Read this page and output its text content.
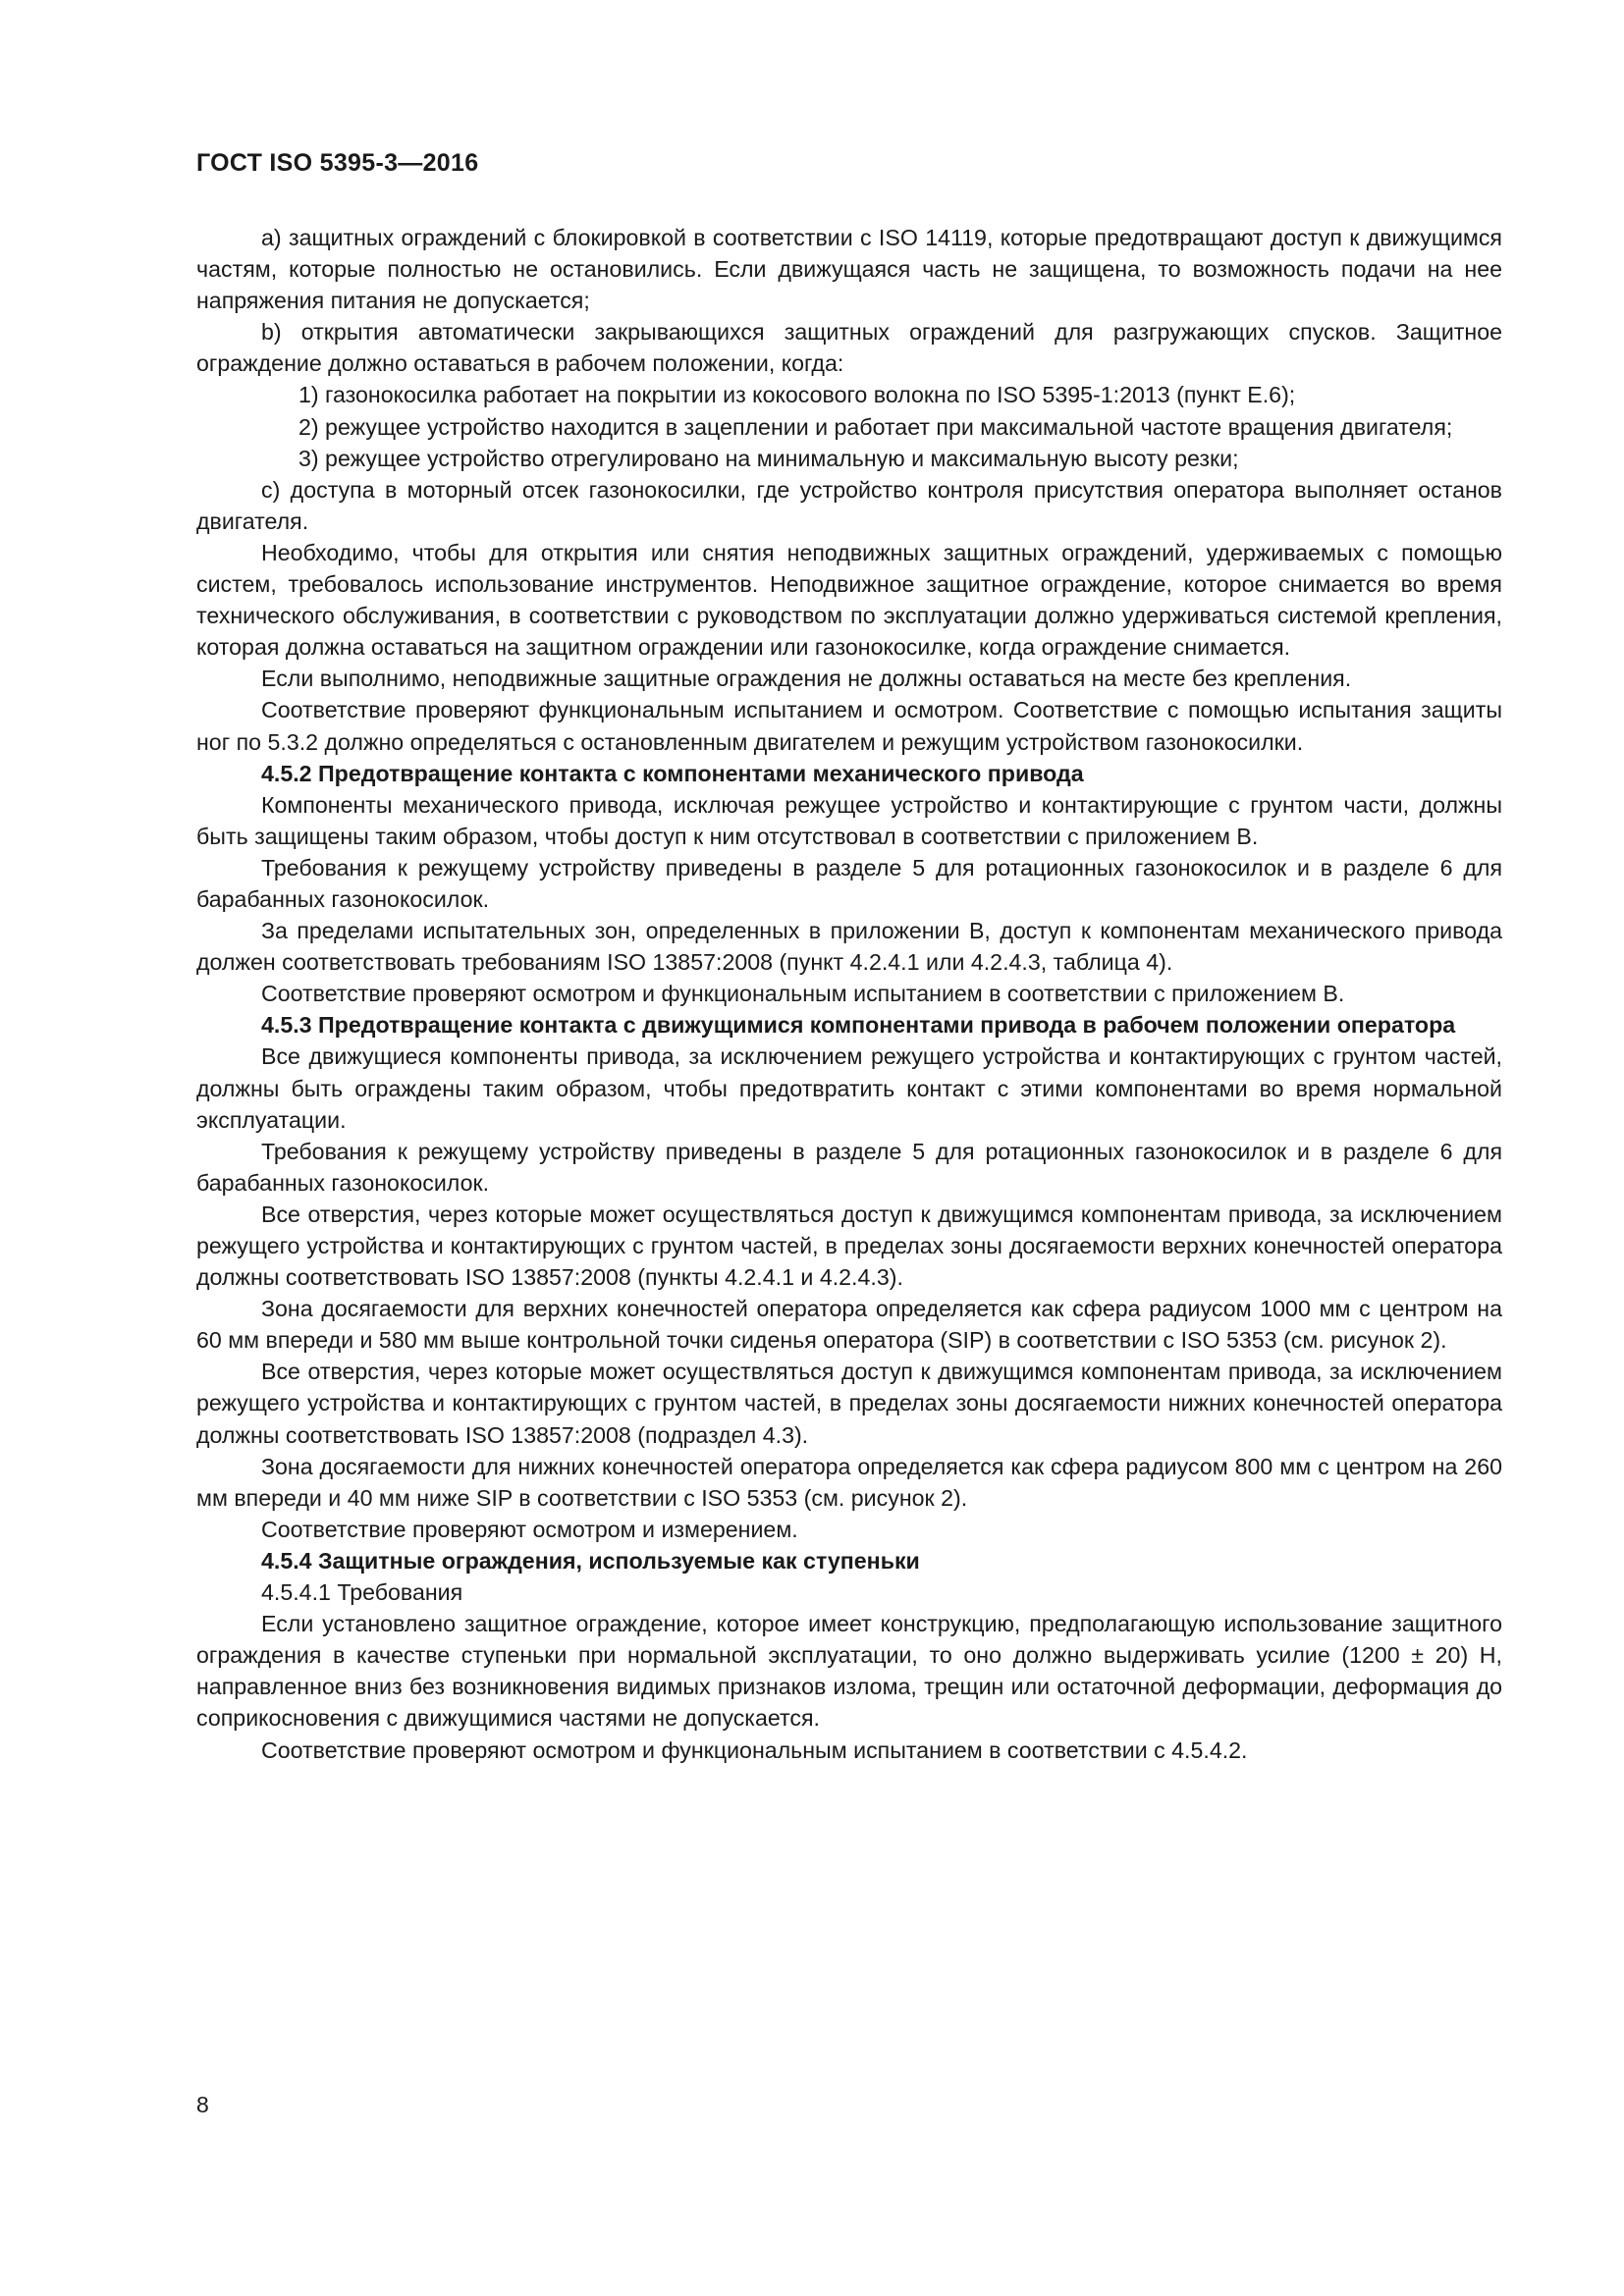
ГОСТ ISO 5395-3—2016

a) защитных ограждений с блокировкой в соответствии с ISO 14119, которые предотвращают доступ к движущимся частям, которые полностью не остановились. Если движущаяся часть не защищена, то возможность подачи на нее напряжения питания не допускается;

b) открытия автоматически закрывающихся защитных ограждений для разгружающих спусков. Защитное ограждение должно оставаться в рабочем положении, когда:

1) газонокосилка работает на покрытии из кокосового волокна по ISO 5395-1:2013 (пункт E.6);

2) режущее устройство находится в зацеплении и работает при максимальной частоте вращения двигателя;

3) режущее устройство отрегулировано на минимальную и максимальную высоту резки;

c) доступа в моторный отсек газонокосилки, где устройство контроля присутствия оператора выполняет останов двигателя.

Необходимо, чтобы для открытия или снятия неподвижных защитных ограждений, удерживаемых с помощью систем, требовалось использование инструментов. Неподвижное защитное ограждение, которое снимается во время технического обслуживания, в соответствии с руководством по эксплуатации должно удерживаться системой крепления, которая должна оставаться на защитном ограждении или газонокосилке, когда ограждение снимается.

Если выполнимо, неподвижные защитные ограждения не должны оставаться на месте без крепления.

Соответствие проверяют функциональным испытанием и осмотром. Соответствие с помощью испытания защиты ног по 5.3.2 должно определяться с остановленным двигателем и режущим устройством газонокосилки.

4.5.2 Предотвращение контакта с компонентами механического привода

Компоненты механического привода, исключая режущее устройство и контактирующие с грунтом части, должны быть защищены таким образом, чтобы доступ к ним отсутствовал в соответствии с приложением В.

Требования к режущему устройству приведены в разделе 5 для ротационных газонокосилок и в разделе 6 для барабанных газонокосилок.

За пределами испытательных зон, определенных в приложении В, доступ к компонентам механического привода должен соответствовать требованиям ISO 13857:2008 (пункт 4.2.4.1 или 4.2.4.3, таблица 4).

Соответствие проверяют осмотром и функциональным испытанием в соответствии с приложением В.

4.5.3 Предотвращение контакта с движущимися компонентами привода в рабочем положении оператора

Все движущиеся компоненты привода, за исключением режущего устройства и контактирующих с грунтом частей, должны быть ограждены таким образом, чтобы предотвратить контакт с этими компонентами во время нормальной эксплуатации.

Требования к режущему устройству приведены в разделе 5 для ротационных газонокосилок и в разделе 6 для барабанных газонокосилок.

Все отверстия, через которые может осуществляться доступ к движущимся компонентам привода, за исключением режущего устройства и контактирующих с грунтом частей, в пределах зоны досягаемости верхних конечностей оператора должны соответствовать ISO 13857:2008 (пункты 4.2.4.1 и 4.2.4.3).

Зона досягаемости для верхних конечностей оператора определяется как сфера радиусом 1000 мм с центром на 60 мм впереди и 580 мм выше контрольной точки сиденья оператора (SIP) в соответствии с ISO 5353 (см. рисунок 2).

Все отверстия, через которые может осуществляться доступ к движущимся компонентам привода, за исключением режущего устройства и контактирующих с грунтом частей, в пределах зоны досягаемости нижних конечностей оператора должны соответствовать ISO 13857:2008 (подраздел 4.3).

Зона досягаемости для нижних конечностей оператора определяется как сфера радиусом 800 мм с центром на 260 мм впереди и 40 мм ниже SIP в соответствии с ISO 5353 (см. рисунок 2).

Соответствие проверяют осмотром и измерением.

4.5.4 Защитные ограждения, используемые как ступеньки

4.5.4.1 Требования

Если установлено защитное ограждение, которое имеет конструкцию, предполагающую использование защитного ограждения в качестве ступеньки при нормальной эксплуатации, то оно должно выдерживать усилие (1200 ± 20) Н, направленное вниз без возникновения видимых признаков излома, трещин или остаточной деформации, деформация до соприкосновения с движущимися частями не допускается.

Соответствие проверяют осмотром и функциональным испытанием в соответствии с 4.5.4.2.

8
